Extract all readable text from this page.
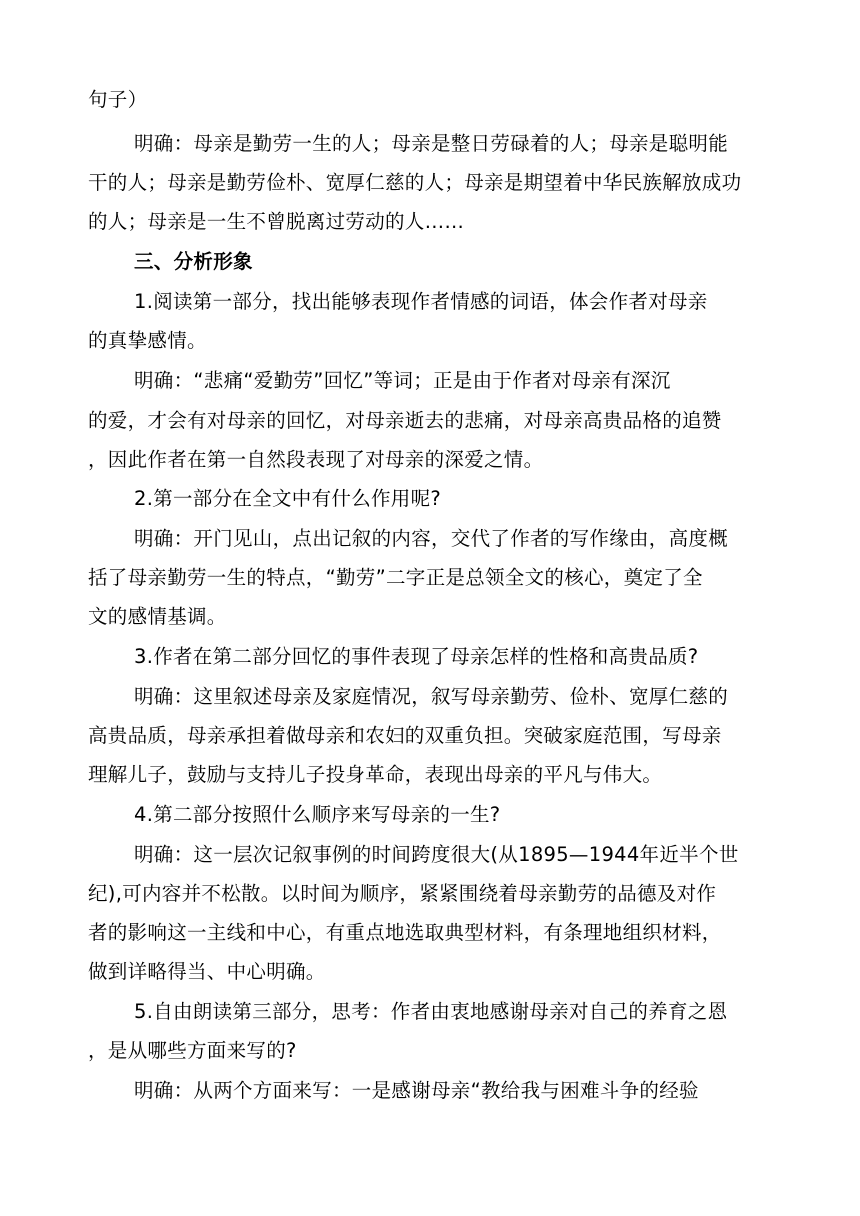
句子）
明确：母亲是勤劳一生的人；母亲是整日劳碌着的人；母亲是聪明能
干的人；母亲是勤劳俭朴、宽厚仁慈的人；母亲是期望着中华民族解放成功
的人；母亲是一生不曾脱离过劳动的人……
三、分析形象
1.阅读第一部分，找出能够表现作者情感的词语，体会作者对母亲
的真挚感情。
明确：“悲痛“爱勤劳”回忆”等词；正是由于作者对母亲有深沉
的爱，才会有对母亲的回忆，对母亲逝去的悲痛，对母亲高贵品格的追赞
，因此作者在第一自然段表现了对母亲的深爱之情。
2.第一部分在全文中有什么作用呢?
明确：开门见山，点出记叙的内容，交代了作者的写作缘由，高度概
括了母亲勤劳一生的特点，“勤劳”二字正是总领全文的核心，奠定了全
文的感情基调。
3.作者在第二部分回忆的事件表现了母亲怎样的性格和高贵品质?
明确：这里叙述母亲及家庭情况，叙写母亲勤劳、俭朴、宽厚仁慈的
高贵品质，母亲承担着做母亲和农妇的双重负担。突破家庭范围，写母亲
理解儿子，鼓励与支持儿子投身革命，表现出母亲的平凡与伟大。
4.第二部分按照什么顺序来写母亲的一生?
明确：这一层次记叙事例的时间跨度很大(从1895—1944年近半个世
纪),可内容并不松散。以时间为顺序，紧紧围绕着母亲勤劳的品德及对作
者的影响这一主线和中心，有重点地选取典型材料，有条理地组织材料，
做到详略得当、中心明确。
5.自由朗读第三部分，思考：作者由衷地感谢母亲对自己的养育之恩
，是从哪些方面来写的?
明确：从两个方面来写：一是感谢母亲“教给我与困难斗争的经验
